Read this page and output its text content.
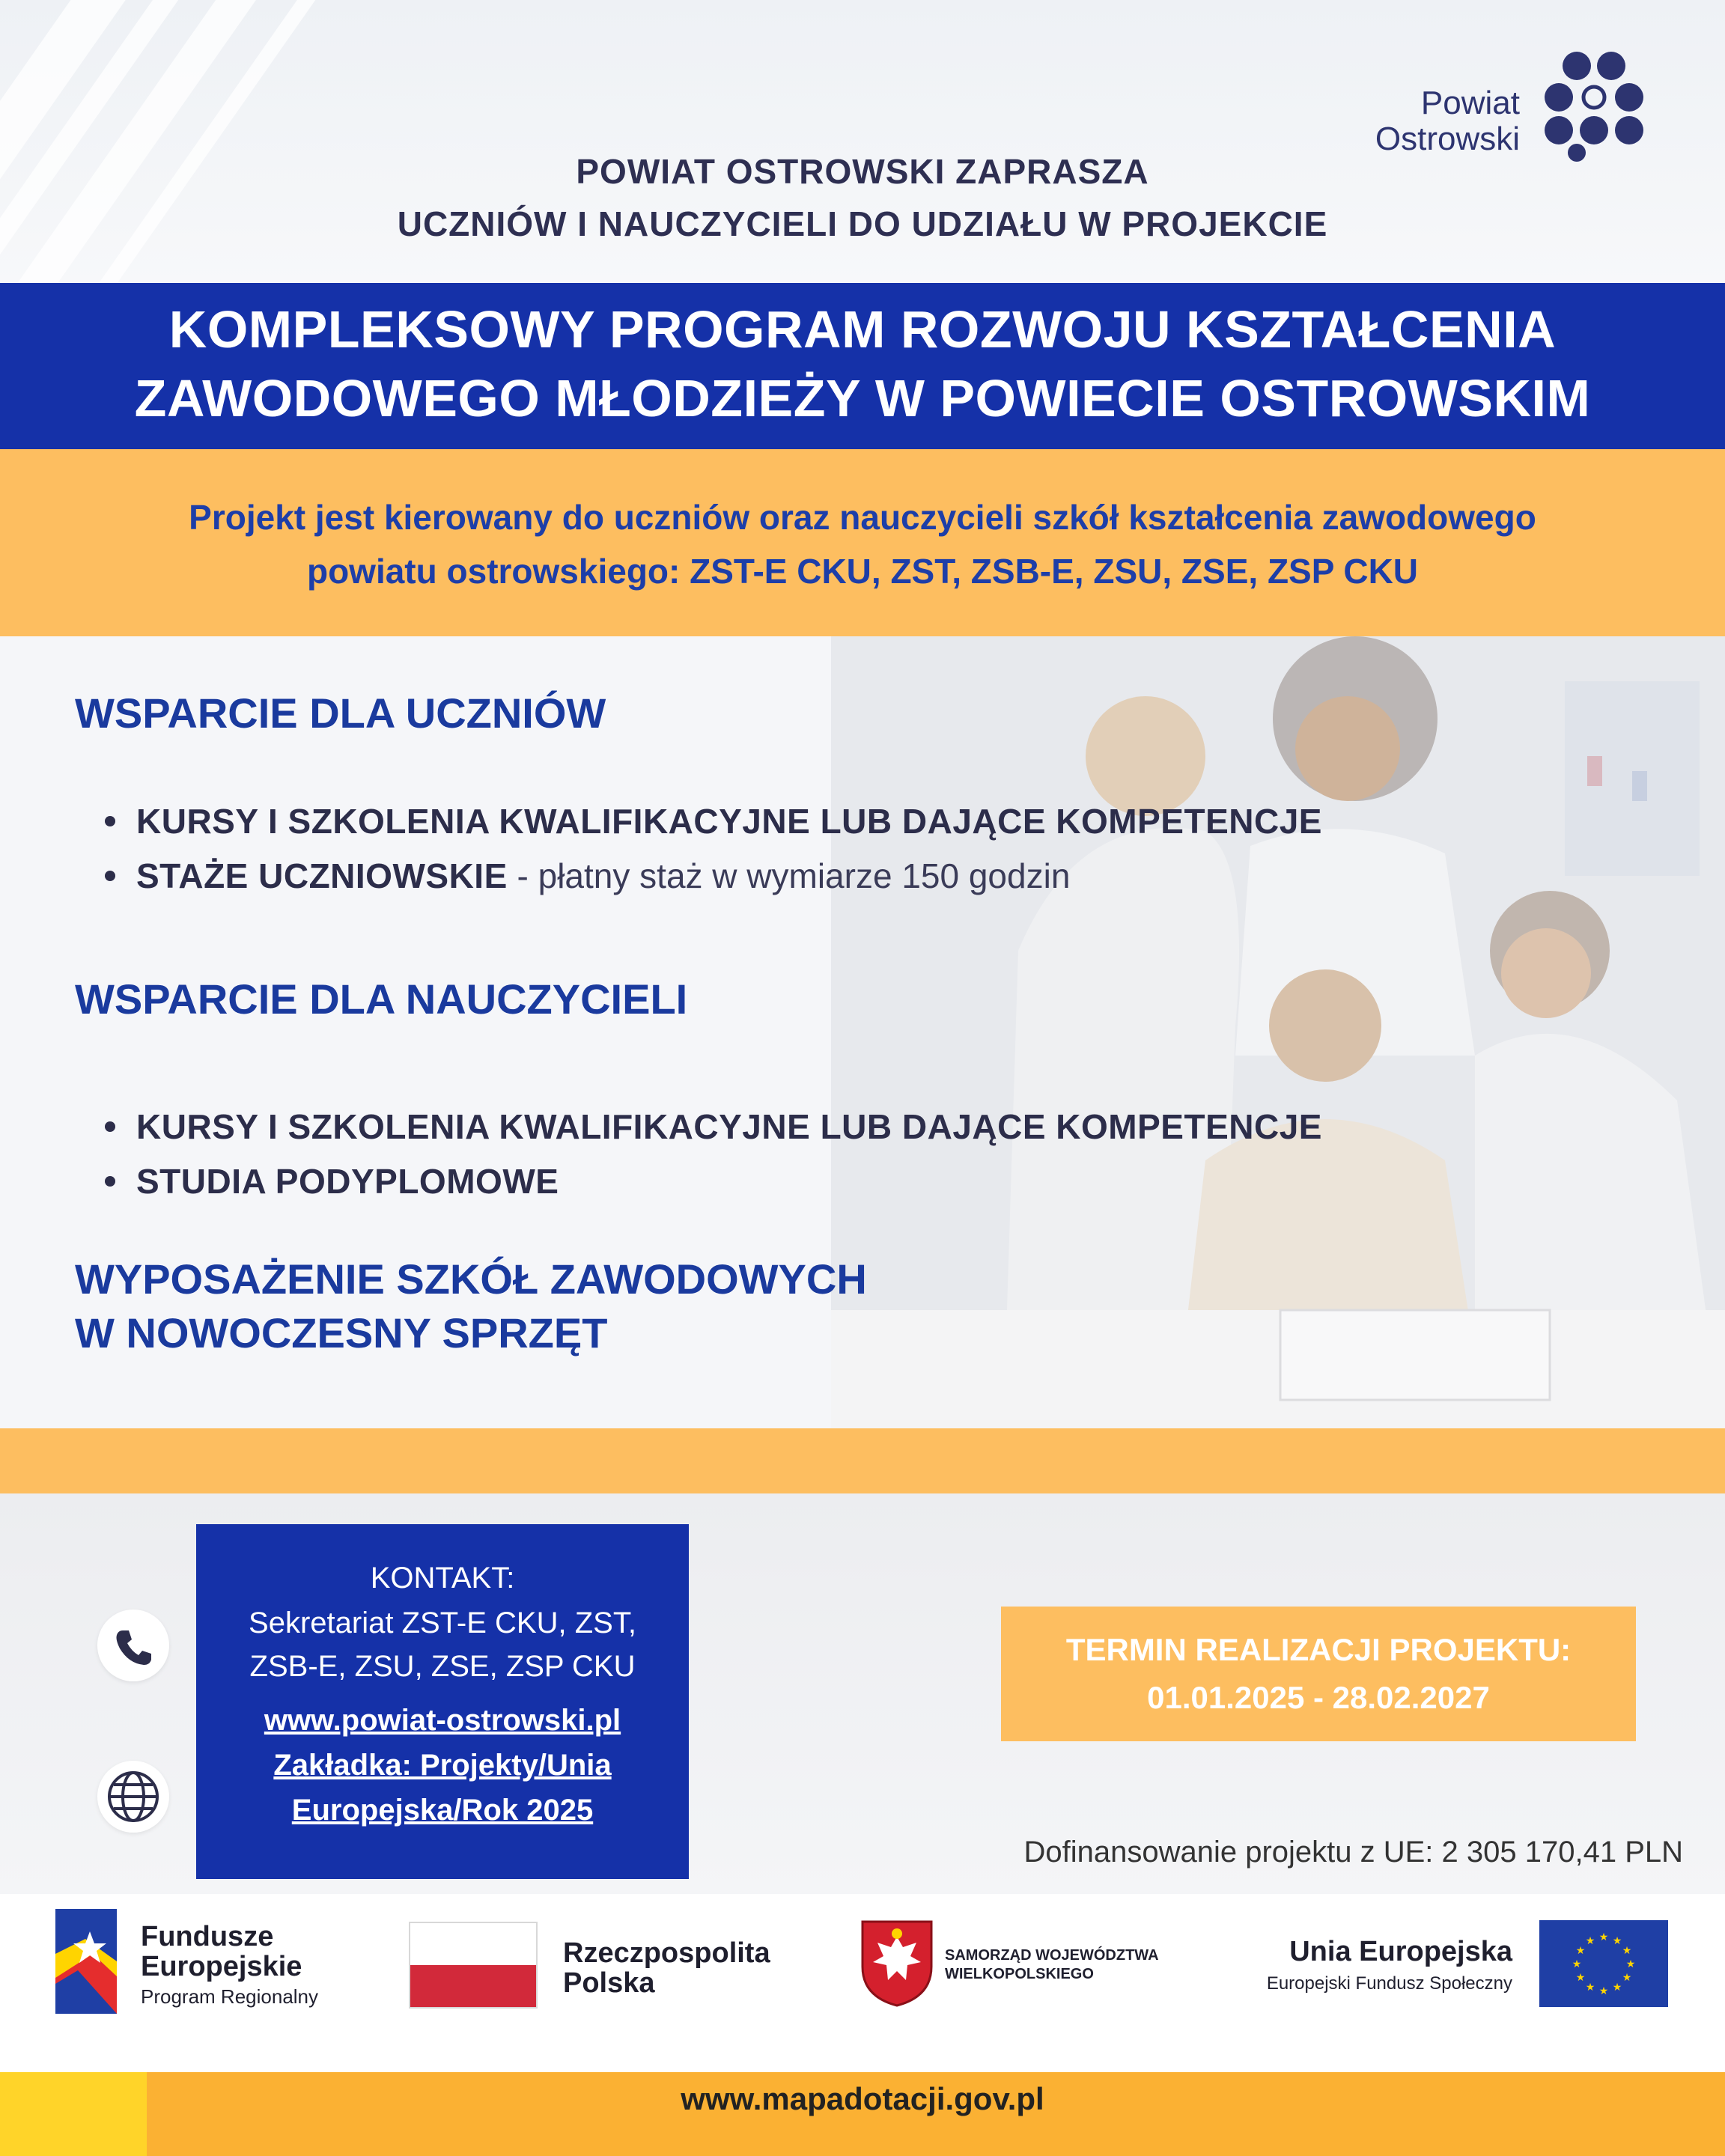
POWIAT OSTROWSKI ZAPRASZA
UCZNIÓW I NAUCZYCIELI DO UDZIAŁU W PROJEKCIE
Powiat
Ostrowski
KOMPLEKSOWY PROGRAM ROZWOJU KSZTAŁCENIA
ZAWODOWEGO MŁODZIEŻY W POWIECIE OSTROWSKIM
Projekt jest kierowany do uczniów oraz nauczycieli szkół kształcenia zawodowego
powiatu ostrowskiego: ZST-E CKU, ZST, ZSB-E, ZSU, ZSE, ZSP CKU
WSPARCIE DLA UCZNIÓW
KURSY I SZKOLENIA KWALIFIKACYJNE LUB DAJĄCE KOMPETENCJE
STAŻE UCZNIOWSKIE - płatny staż w wymiarze 150 godzin
WSPARCIE DLA NAUCZYCIELI
KURSY I SZKOLENIA KWALIFIKACYJNE LUB DAJĄCE KOMPETENCJE
STUDIA PODYPLOMOWE
WYPOSAŻENIE SZKÓŁ ZAWODOWYCH
W NOWOCZESNY SPRZĘT
KONTAKT:
Sekretariat ZST-E CKU, ZST,
ZSB-E, ZSU, ZSE, ZSP CKU
www.powiat-ostrowski.pl
Zakładka: Projekty/Unia
Europejska/Rok 2025
TERMIN REALIZACJI PROJEKTU:
01.01.2025 - 28.02.2027
Dofinansowanie projektu z UE: 2 305 170,41 PLN
Fundusze
Europejskie
Program Regionalny
Rzeczpospolita
Polska
SAMORZĄD WOJEWÓDZTWA
WIELKOPOLSKIEGO
Unia Europejska
Europejski Fundusz Społeczny
★ ★
★
★
★
★
★
★
★
★
★
★
www.mapadotacji.gov.pl
